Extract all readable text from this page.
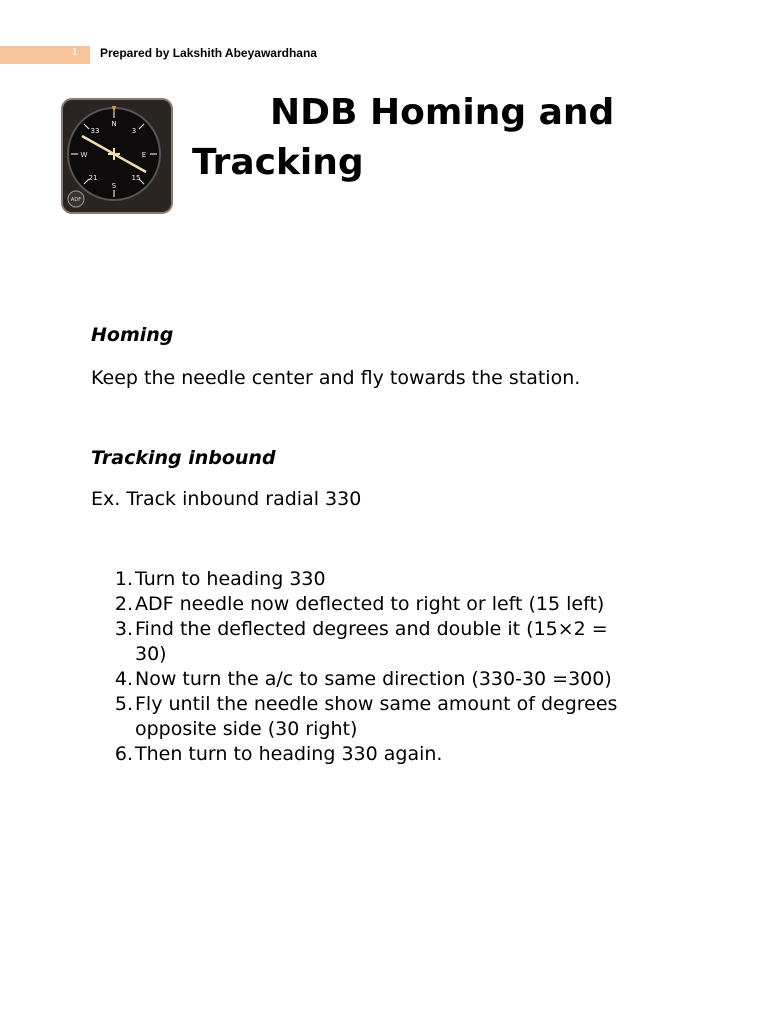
1	Prepared by Lakshith Abeyawardhana
N
S
W	E
33	3
21	15
ADF
NDB Homing and
Tracking
Homing

Keep the needle center and fly towards the station.

Tracking inbound

Ex. Track inbound radial 330

1. Turn to heading 330
2. ADF needle now deflected to right or left (15 left)
3. Find the deflected degrees and double it (15×2 =
30)
4. Now turn the a/c to same direction (330-30 =300)
5. Fly until the needle show same amount of degrees
opposite side (30 right)
6. Then turn to heading 330 again.
